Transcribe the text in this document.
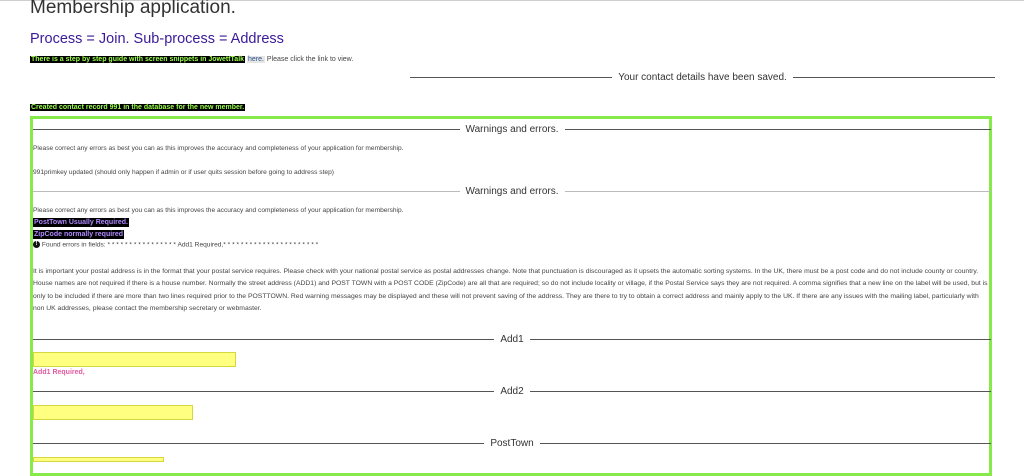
Membership application.
Process = Join. Sub-process = Address
There is a step by step guide with screen snippets in JowettTalk here. Please click the link to view.
Your contact details have been saved.
Created contact record 991 in the database for the new member.
Warnings and errors.
Please correct any errors as best you can as this improves the accuracy and completeness of your application for membership.
991primkey updated (should only happen if admin or if user quits session before going to address step)
Warnings and errors.
Please correct any errors as best you can as this improves the accuracy and completeness of your application for membership.
PostTown Usually Required.
ZipCode normally required
! Found errors in fields: * * * * * * * * * * * * * * * * Add1 Required,* * * * * * * * * * * * * * * * * * * * * *
It is important your postal address is in the format that your postal service requires. Please check with your national postal service as postal addresses change. Note that punctuation is discouraged as it upsets the automatic sorting systems. In the UK, there must be a post code and do not include county or country. House names are not required if there is a house number. Normally the street address (ADD1) and POST TOWN with a POST CODE (ZipCode) are all that are required; so do not include locality or village, if the Postal Service says they are not required. A comma signifies that a new line on the label will be used, but is only to be included if there are more than two lines required prior to the POSTTOWN. Red warning messages may be displayed and these will not prevent saving of the address. They are there to try to obtain a correct address and mainly apply to the UK. If there are any issues with the mailing label, particularly with non UK addresses, please contact the membership secretary or webmaster.
Add1
Add1 Required,
Add2
PostTown
